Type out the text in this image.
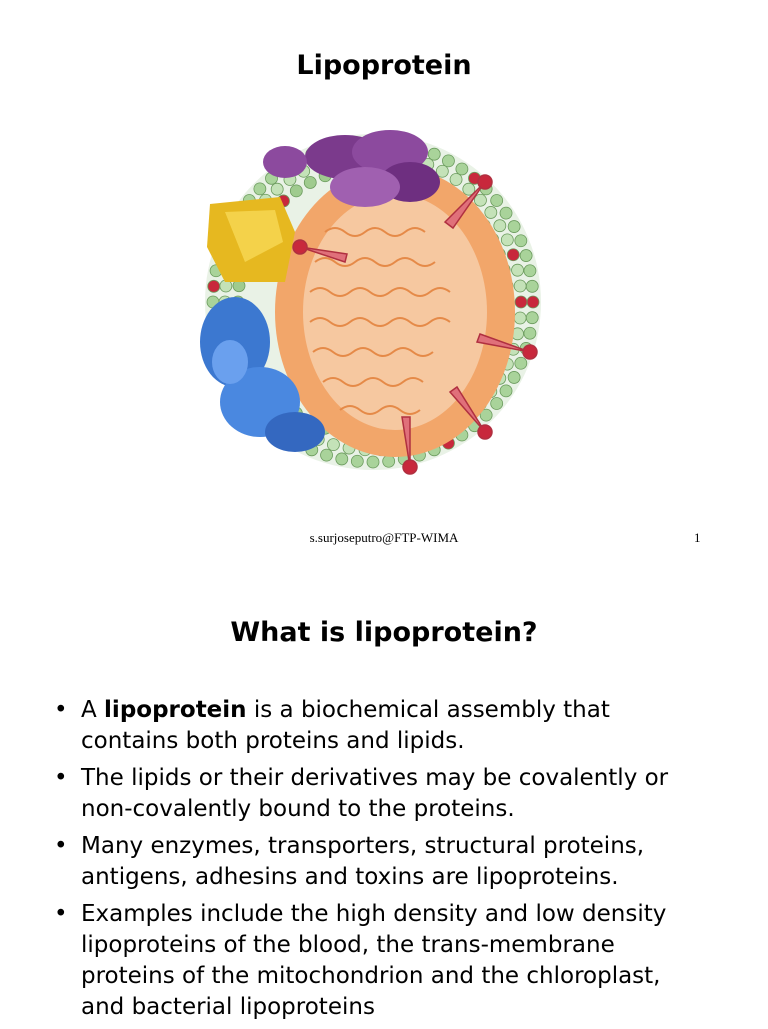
Lipoprotein
s.surjoseputro@FTP-WIMA	1
What is lipoprotein?
• A lipoprotein is a biochemical assembly that contains both proteins and lipids.
• The lipids or their derivatives may be covalently or non-covalently bound to the proteins.
• Many enzymes, transporters, structural proteins, antigens, adhesins and toxins are lipoproteins.
• Examples include the high density and low density lipoproteins of the blood, the trans-membrane proteins of the mitochondrion and the chloroplast, and bacterial lipoproteins
